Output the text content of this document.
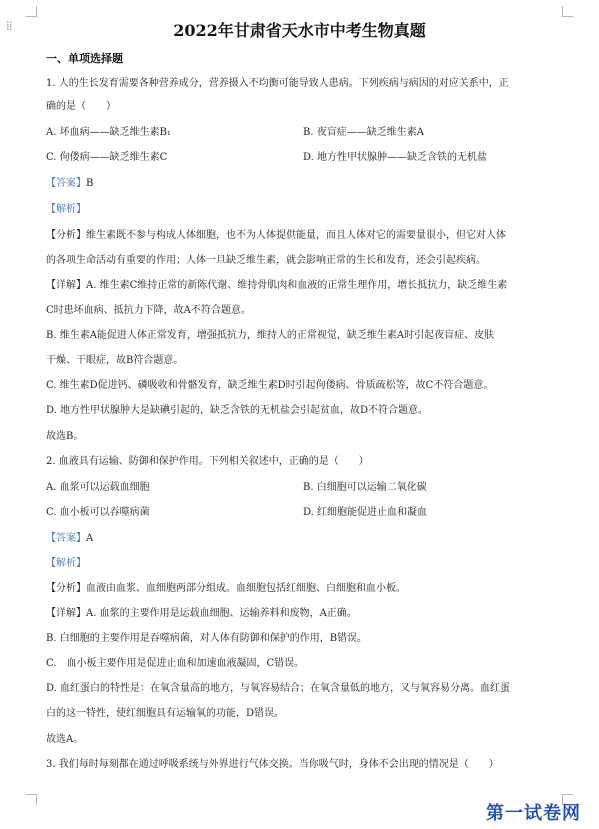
⁞⁞	2022年甘肃省天水市中考生物真题
一、单项选择题
1. 人的生长发育需要各种营养成分，营养摄入不均衡可能导致人患病。下列疾病与病因的对应关系中，正
确的是（　　）
A. 坏血病——缺乏维生素B₁	B. 夜盲症——缺乏维生素A
C. 佝偻病——缺乏维生素C	D. 地方性甲状腺肿——缺乏含铁的无机盐
【答案】B
【解析】
【分析】维生素既不参与构成人体细胞，也不为人体提供能量，而且人体对它的需要量很小，但它对人体
的各项生命活动有重要的作用；人体一旦缺乏维生素，就会影响正常的生长和发育，还会引起疾病。
【详解】A. 维生素C维持正常的新陈代谢、维持骨肌肉和血液的正常生理作用，增长抵抗力，缺乏维生素
C时患坏血病、抵抗力下降，故A不符合题意。
B. 维生素A能促进人体正常发育，增强抵抗力，维持人的正常视觉，缺乏维生素A时引起夜盲症、皮肤
干燥、干眼症，故B符合题意。
C. 维生素D促进钙、磷吸收和骨骼发育，缺乏维生素D时引起佝偻病、骨质疏松等，故C不符合题意。
D. 地方性甲状腺肿大是缺碘引起的，缺乏含铁的无机盐会引起贫血，故D不符合题意。
故选B。
2. 血液具有运输、防御和保护作用。下列相关叙述中，正确的是（　　）
A. 血浆可以运载血细胞	B. 白细胞可以运输二氧化碳
C. 血小板可以吞噬病菌	D. 红细胞能促进止血和凝血
【答案】A
【解析】
【分析】血液由血浆、血细胞两部分组成。血细胞包括红细胞、白细胞和血小板。
【详解】A. 血浆的主要作用是运载血细胞、运输养料和废物，A正确。
B. 白细胞的主要作用是吞噬病菌，对人体有防御和保护的作用，B错误。
C.　血小板主要作用是促进止血和加速血液凝固，C错误。
D. 血红蛋白的特性是：在氧含量高的地方，与氧容易结合；在氧含量低的地方，又与氧容易分离。血红蛋
白的这一特性，使红细胞具有运输氧的功能，D错误。
故选A。
3. 我们每时每刻都在通过呼吸系统与外界进行气体交换。当你吸气时，身体不会出现的情况是（　　）
第一试卷网
